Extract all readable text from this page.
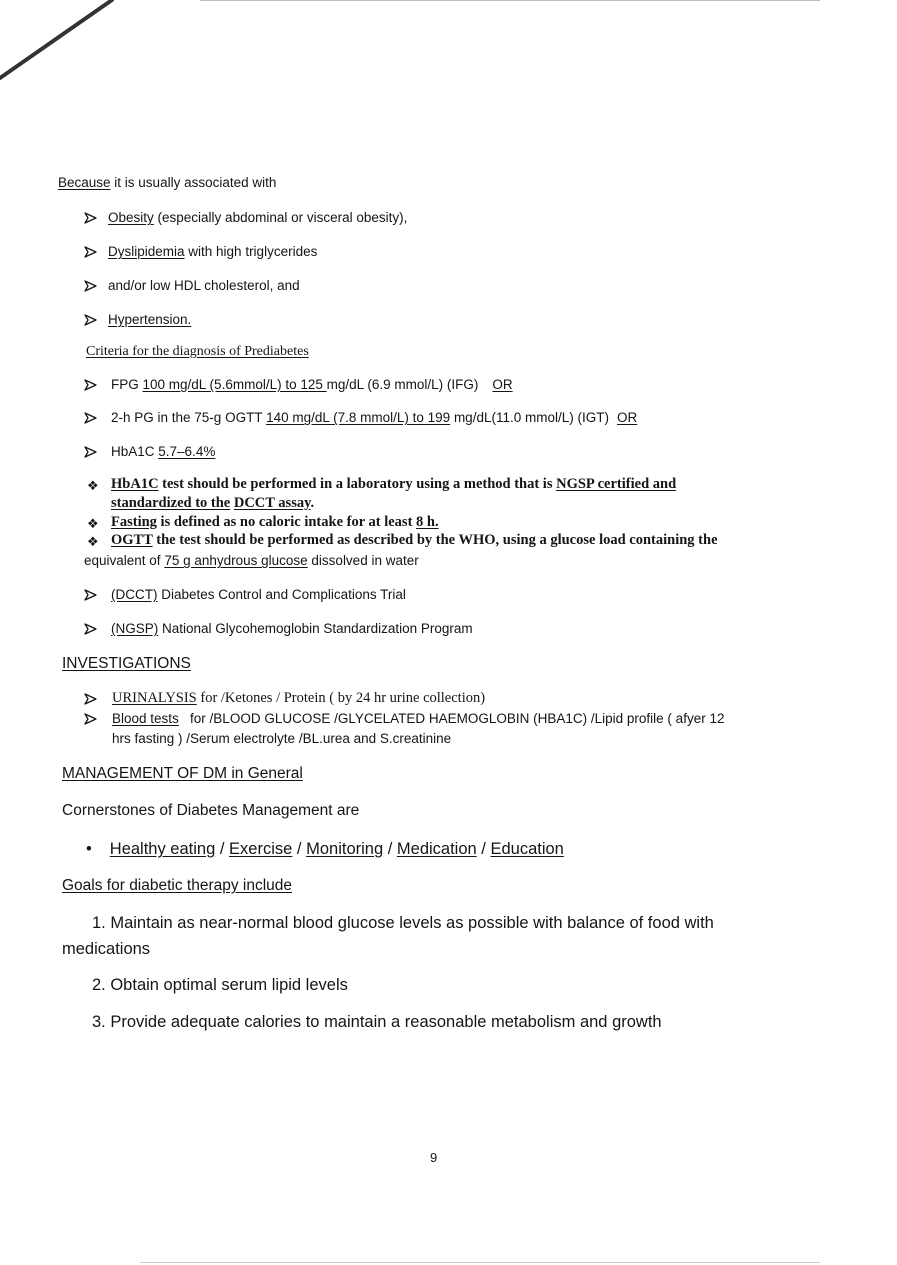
Because it is usually associated with
Obesity (especially abdominal or visceral obesity),
Dyslipidemia with high triglycerides
and/or low HDL cholesterol, and
Hypertension.
Criteria for the diagnosis of Prediabetes
FPG 100 mg/dL (5.6mmol/L) to 125 mg/dL (6.9 mmol/L) (IFG) OR
2-h PG in the 75-g OGTT 140 mg/dL (7.8 mmol/L) to 199 mg/dL(11.0 mmol/L) (IGT) OR
HbA1C 5.7–6.4%
❖ HbA1C test should be performed in a laboratory using a method that is NGSP certified and
standardized to the DCCT assay.
❖ Fasting is defined as no caloric intake for at least 8 h.
❖ OGTT the test should be performed as described by the WHO, using a glucose load containing the
equivalent of 75 g anhydrous glucose dissolved in water
(DCCT) Diabetes Control and Complications Trial
(NGSP) National Glycohemoglobin Standardization Program
INVESTIGATIONS
URINALYSIS for /Ketones / Protein ( by 24 hr urine collection)
Blood tests   for /BLOOD GLUCOSE /GLYCELATED HAEMOGLOBIN (HBA1C) /Lipid profile ( afyer 12
hrs fasting ) /Serum electrolyte /BL.urea and S.creatinine
MANAGEMENT OF DM in General
Cornerstones of Diabetes Management are
• Healthy eating / Exercise / Monitoring / Medication / Education
Goals for diabetic therapy include
1. Maintain as near-normal blood glucose levels as possible with balance of food with
medications
2. Obtain optimal serum lipid levels
3. Provide adequate calories to maintain a reasonable metabolism and growth
9
